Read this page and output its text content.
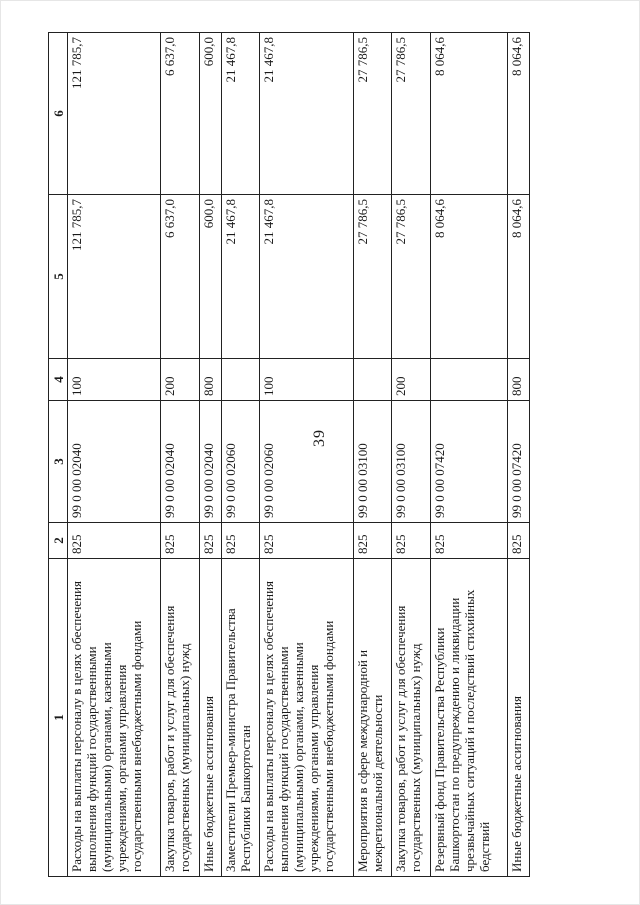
39
1	2	3	4	5	6
Расходы на выплаты персоналу в целях обеспечения выполнения функций государственными (муниципальными) органами, казенными учреждениями, органами управления государственными внебюджетными фондами	825	99 0 00 02040	100	121 785,7	121 785,7
Закупка товаров, работ и услуг для обеспечения государственных (муниципальных) нужд	825	99 0 00 02040	200	6 637,0	6 637,0
Иные бюджетные ассигнования	825	99 0 00 02040	800	600,0	600,0
Заместители Премьер-министра Правительства Республики Башкортостан	825	99 0 00 02060		21 467,8	21 467,8
Расходы на выплаты персоналу в целях обеспечения выполнения функций государственными (муниципальными) органами, казенными учреждениями, органами управления государственными внебюджетными фондами	825	99 0 00 02060	100	21 467,8	21 467,8
Мероприятия в сфере международной и межрегиональной деятельности	825	99 0 00 03100		27 786,5	27 786,5
Закупка товаров, работ и услуг для обеспечения государственных (муниципальных) нужд	825	99 0 00 03100	200	27 786,5	27 786,5
Резервный фонд Правительства Республики Башкортостан по предупреждению и ликвидации чрезвычайных ситуаций и последствий стихийных бедствий	825	99 0 00 07420		8 064,6	8 064,6
Иные бюджетные ассигнования	825	99 0 00 07420	800	8 064,6	8 064,6
